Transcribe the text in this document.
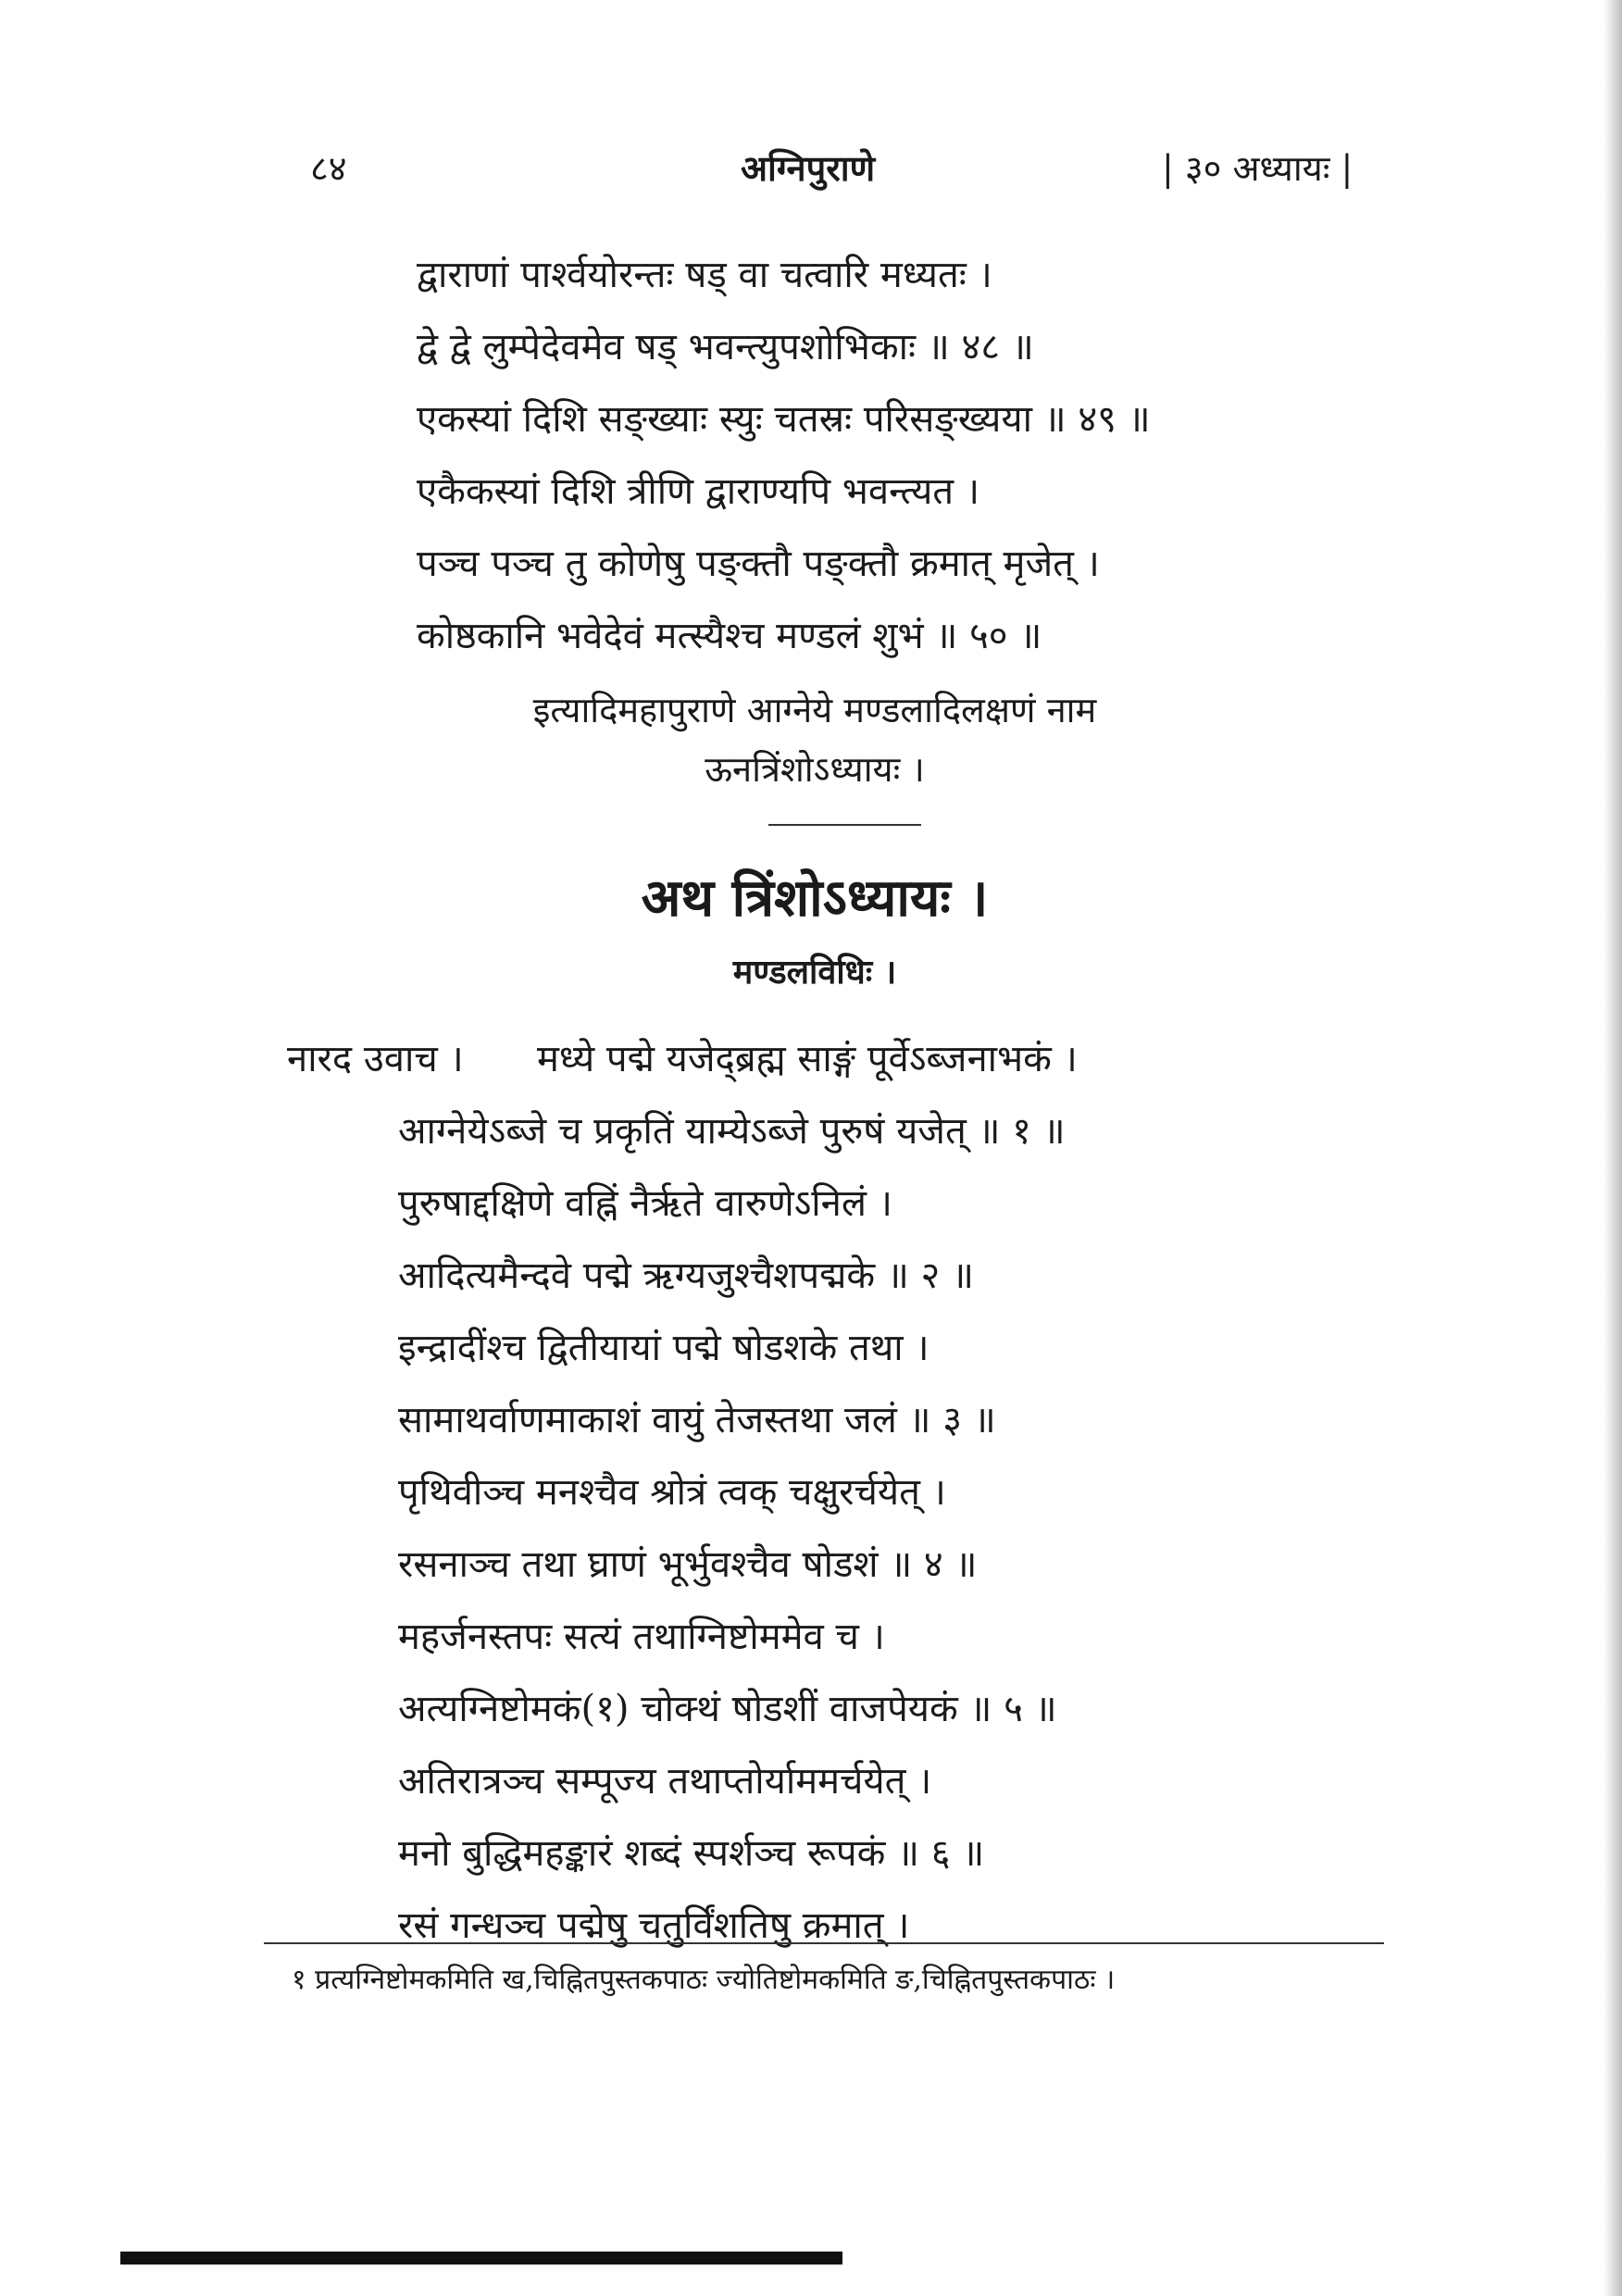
८४	अग्निपुराणे	| ३० अध्यायः |
द्वाराणां पार्श्वयोरन्तः षड् वा चत्वारि मध्यतः ।
द्वे द्वे लुम्पेदेवमेव षड् भवन्त्युपशोभिकाः ॥ ४८ ॥
एकस्यां दिशि सङ्ख्याः स्युः चतस्रः परिसङ्ख्यया ॥ ४९ ॥
एकैकस्यां दिशि त्रीणि द्वाराण्यपि भवन्त्यत ।
पञ्च पञ्च तु कोणेषु पङ्क्तौ पङ्क्तौ क्रमात् मृजेत् ।
कोष्ठकानि भवेदेवं मत्स्यैश्च मण्डलं शुभं ॥ ५० ॥
इत्यादिमहापुराणे आग्नेये मण्डलादिलक्षणं नाम
ऊनत्रिंशोऽध्यायः ।
अथ त्रिंशोऽध्यायः ।
मण्डलविधिः ।
नारद उवाच ।	मध्ये पद्मे यजेद्ब्रह्म साङ्गं पूर्वेऽब्जनाभकं ।
आग्नेयेऽब्जे च प्रकृतिं याम्येऽब्जे पुरुषं यजेत् ॥ १ ॥
पुरुषाद्दक्षिणे वह्निं नैर्ऋते वारुणेऽनिलं ।
आदित्यमैन्दवे पद्मे ऋग्यजुश्चैशपद्मके ॥ २ ॥
इन्द्रादींश्च द्वितीयायां पद्मे षोडशके तथा ।
सामाथर्वाणमाकाशं वायुं तेजस्तथा जलं ॥ ३ ॥
पृथिवीञ्च मनश्चैव श्रोत्रं त्वक् चक्षुरर्चयेत् ।
रसनाञ्च तथा घ्राणं भूर्भुवश्चैव षोडशं ॥ ४ ॥
महर्जनस्तपः सत्यं तथाग्निष्टोममेव च ।
अत्यग्निष्टोमकं(१) चोक्थं षोडशीं वाजपेयकं ॥ ५ ॥
अतिरात्रञ्च सम्पूज्य तथाप्तोर्याममर्चयेत् ।
मनो बुद्धिमहङ्कारं शब्दं स्पर्शञ्च रूपकं ॥ ६ ॥
रसं गन्धञ्च पद्मेषु चतुर्विंशतिषु क्रमात् ।
१ प्रत्यग्निष्टोमकमिति ख,चिह्नितपुस्तकपाठः ज्योतिष्टोमकमिति ङ,चिह्नितपुस्तकपाठः ।
